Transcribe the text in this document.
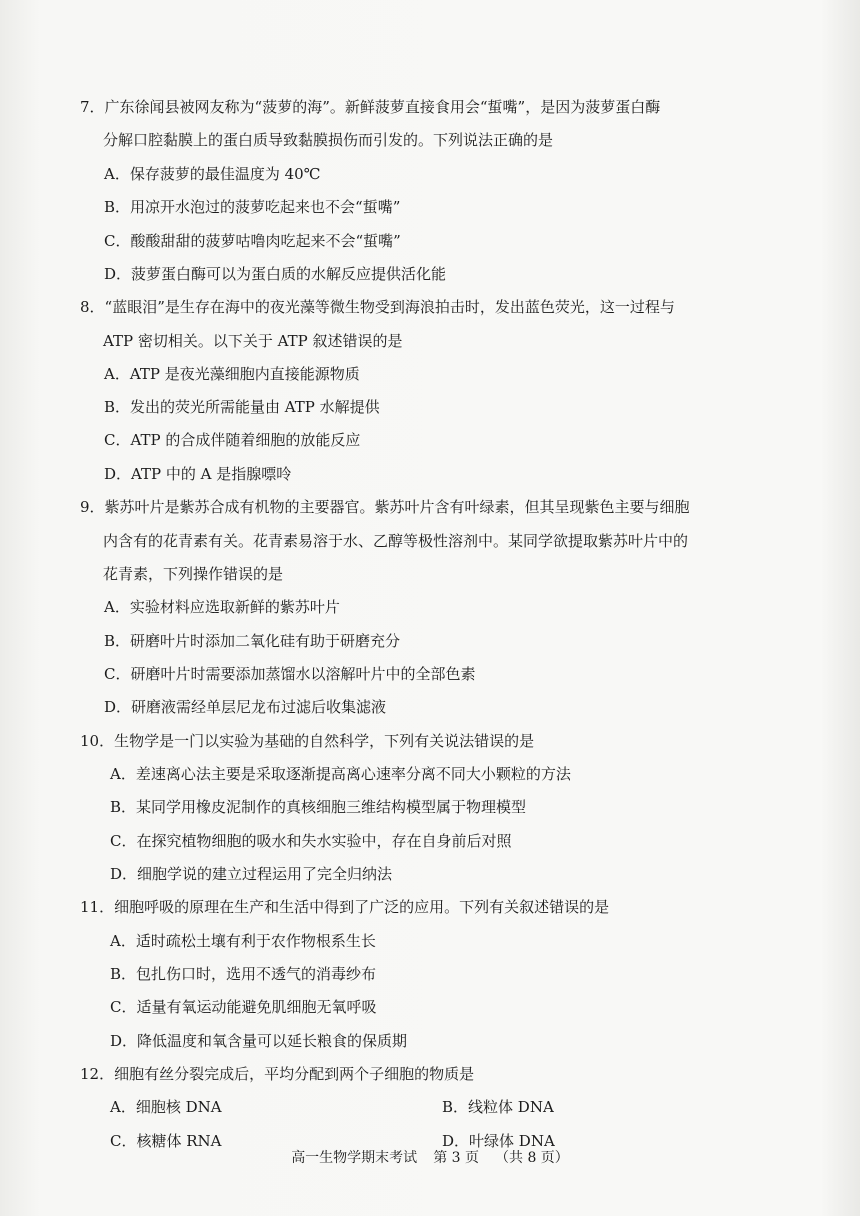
7．广东徐闻县被网友称为“菠萝的海”。新鲜菠萝直接食用会“蜇嘴”，是因为菠萝蛋白酶
分解口腔黏膜上的蛋白质导致黏膜损伤而引发的。下列说法正确的是
A．保存菠萝的最佳温度为 40℃
B．用凉开水泡过的菠萝吃起来也不会“蜇嘴”
C．酸酸甜甜的菠萝咕噜肉吃起来不会“蜇嘴”
D．菠萝蛋白酶可以为蛋白质的水解反应提供活化能
8．“蓝眼泪”是生存在海中的夜光藻等微生物受到海浪拍击时，发出蓝色荧光，这一过程与
ATP 密切相关。以下关于 ATP 叙述错误的是
A．ATP 是夜光藻细胞内直接能源物质
B．发出的荧光所需能量由 ATP 水解提供
C．ATP 的合成伴随着细胞的放能反应
D．ATP 中的 A 是指腺嘌呤
9．紫苏叶片是紫苏合成有机物的主要器官。紫苏叶片含有叶绿素，但其呈现紫色主要与细胞
内含有的花青素有关。花青素易溶于水、乙醇等极性溶剂中。某同学欲提取紫苏叶片中的
花青素，下列操作错误的是
A．实验材料应选取新鲜的紫苏叶片
B．研磨叶片时添加二氧化硅有助于研磨充分
C．研磨叶片时需要添加蒸馏水以溶解叶片中的全部色素
D．研磨液需经单层尼龙布过滤后收集滤液
10．生物学是一门以实验为基础的自然科学，下列有关说法错误的是
A．差速离心法主要是采取逐渐提高离心速率分离不同大小颗粒的方法
B．某同学用橡皮泥制作的真核细胞三维结构模型属于物理模型
C．在探究植物细胞的吸水和失水实验中，存在自身前后对照
D．细胞学说的建立过程运用了完全归纳法
11．细胞呼吸的原理在生产和生活中得到了广泛的应用。下列有关叙述错误的是
A．适时疏松土壤有利于农作物根系生长
B．包扎伤口时，选用不透气的消毒纱布
C．适量有氧运动能避免肌细胞无氧呼吸
D．降低温度和氧含量可以延长粮食的保质期
12．细胞有丝分裂完成后，平均分配到两个子细胞的物质是
A．细胞核 DNA	B．线粒体 DNA
C．核糖体 RNA	D．叶绿体 DNA
高一生物学期末考试 第 3 页 （共 8 页）
